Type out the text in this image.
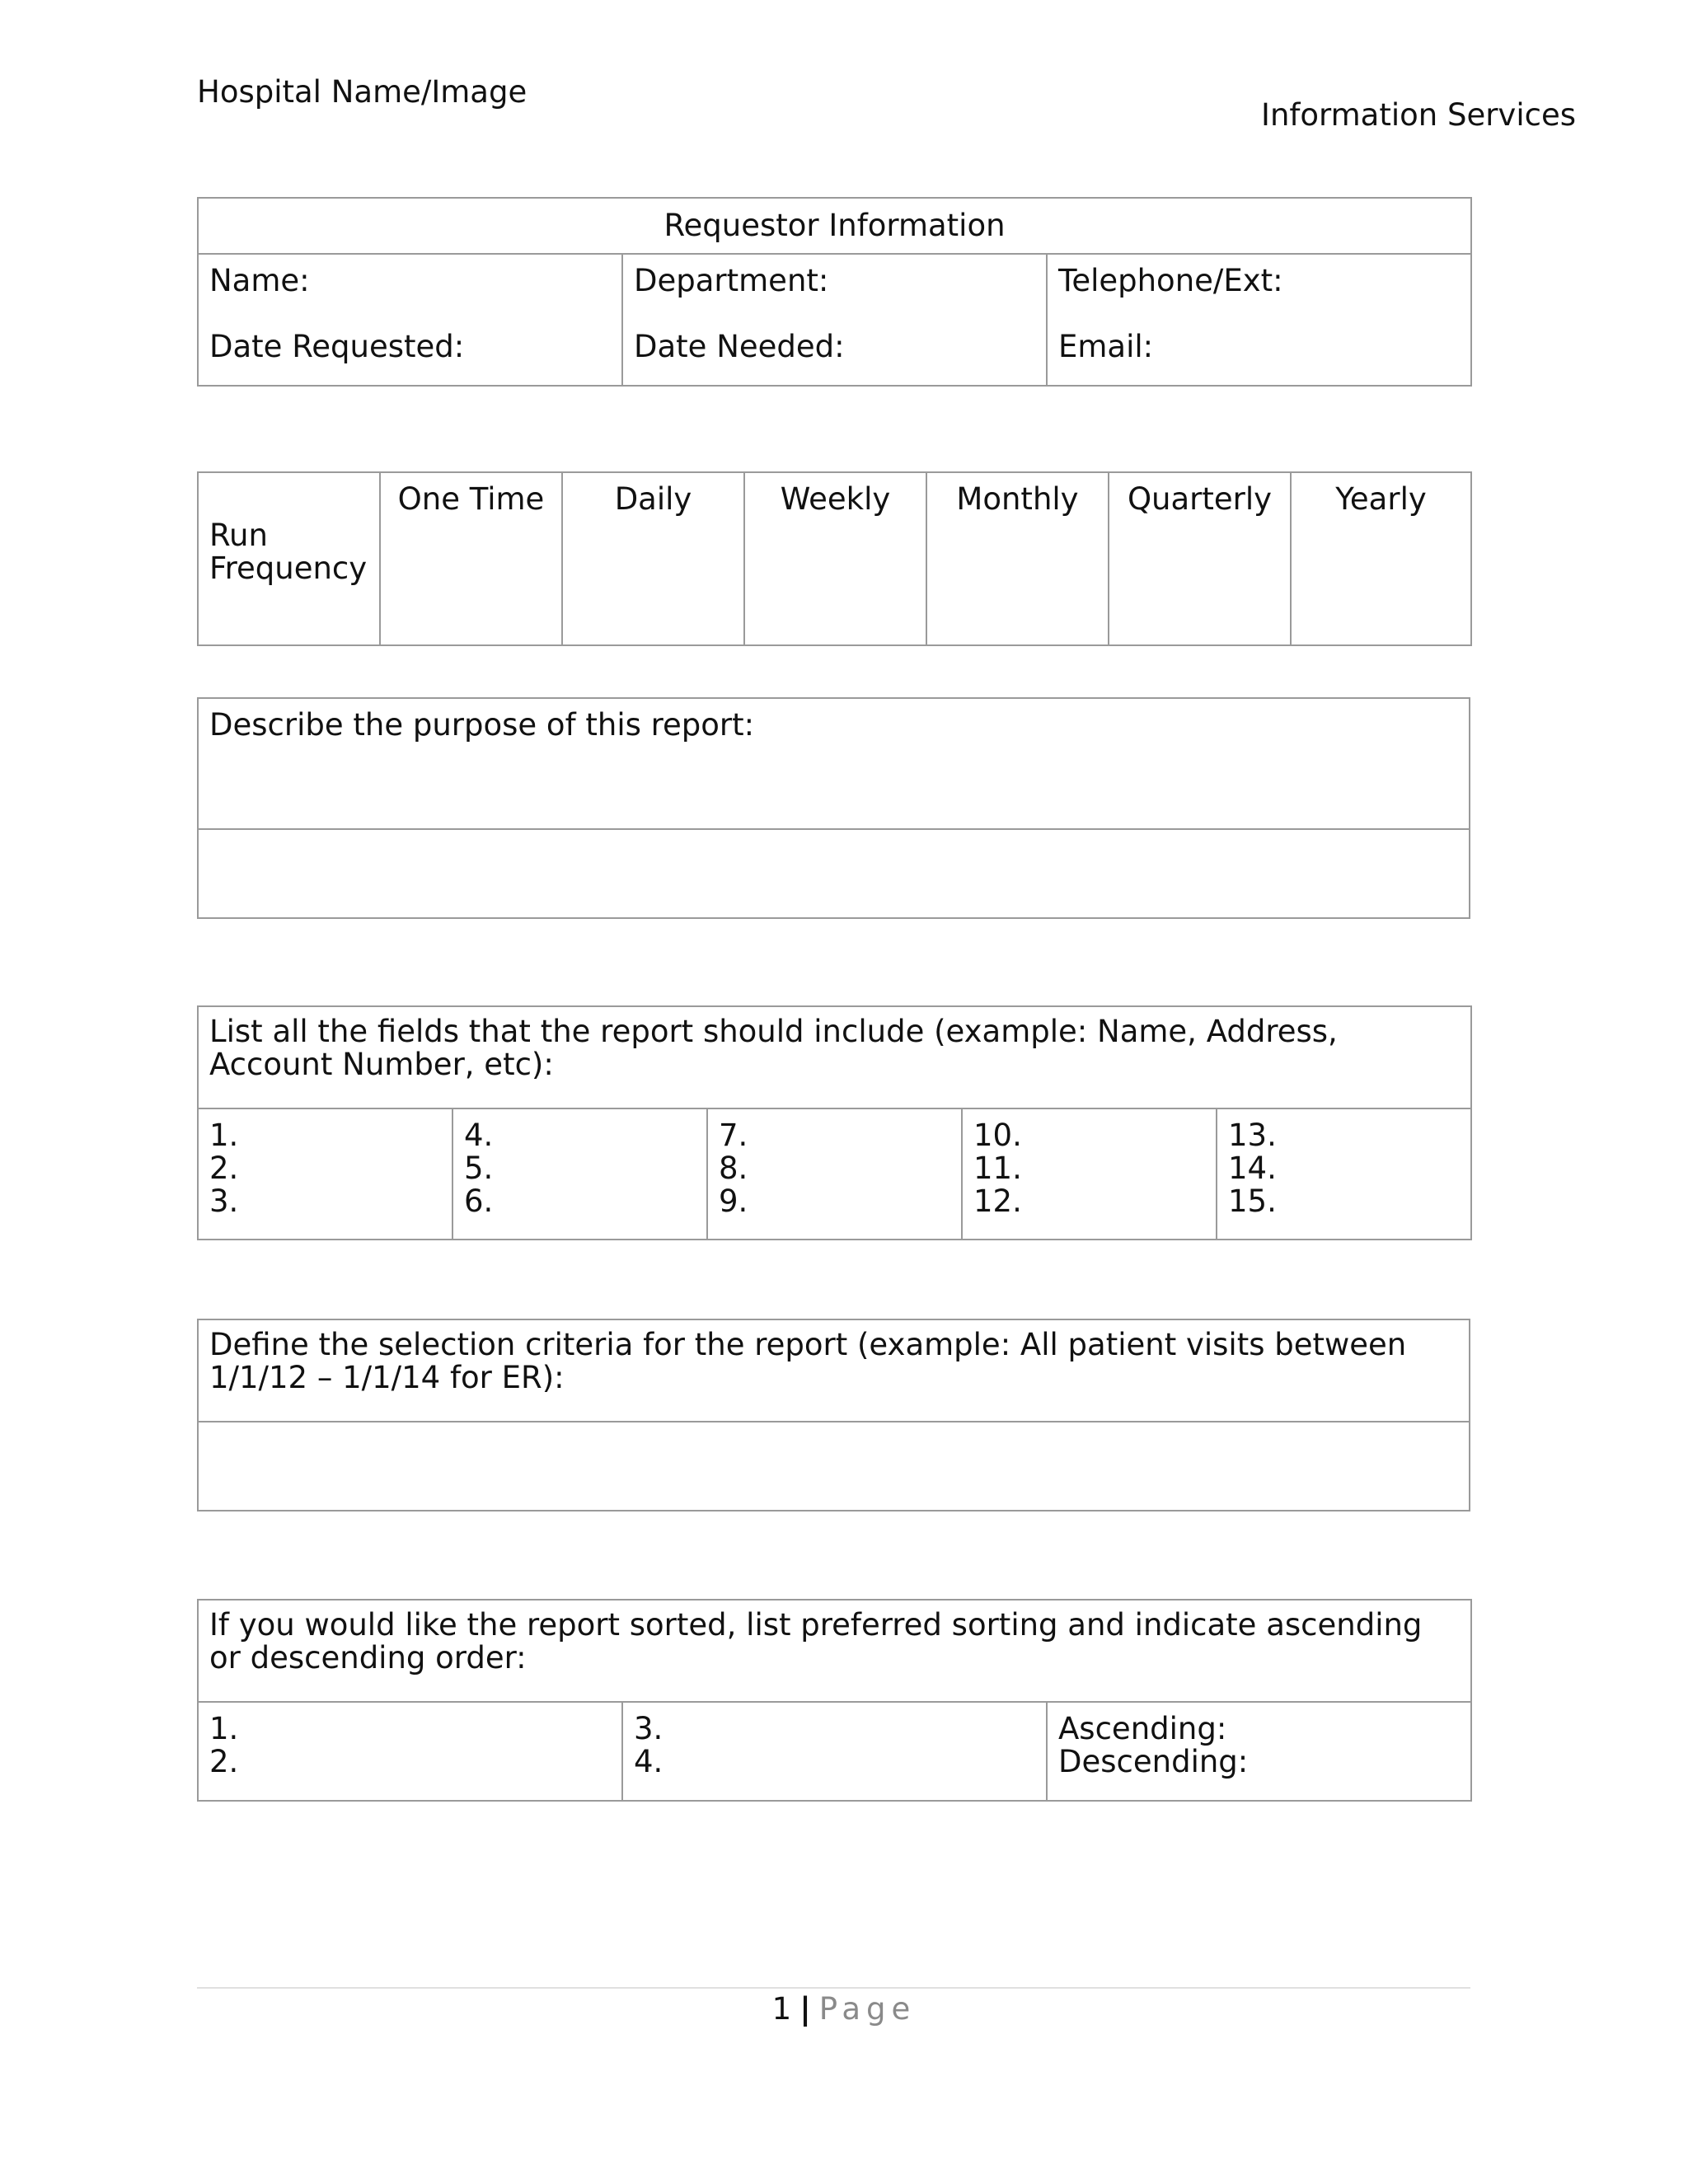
Hospital Name/Image
Information Services
Requestor Information

Name:
Date Requested:

Department:
Date Needed:

Telephone/Ext:
Email:
Run Frequency	One Time	Daily	Weekly	Monthly	Quarterly	Yearly
Describe the purpose of this report:

List all the fields that the report should include (example: Name, Address, Account Number, etc):

1.
2.
3.

4.
5.
6.

7.
8.
9.

10.
11.
12.

13.
14.
15.
Define the selection criteria for the report (example: All patient visits between 1/1/12 – 1/1/14 for ER):

If you would like the report sorted, list preferred sorting and indicate ascending or descending order:

1.
2.

3.
4.

Ascending:
Descending:
1 | Page
